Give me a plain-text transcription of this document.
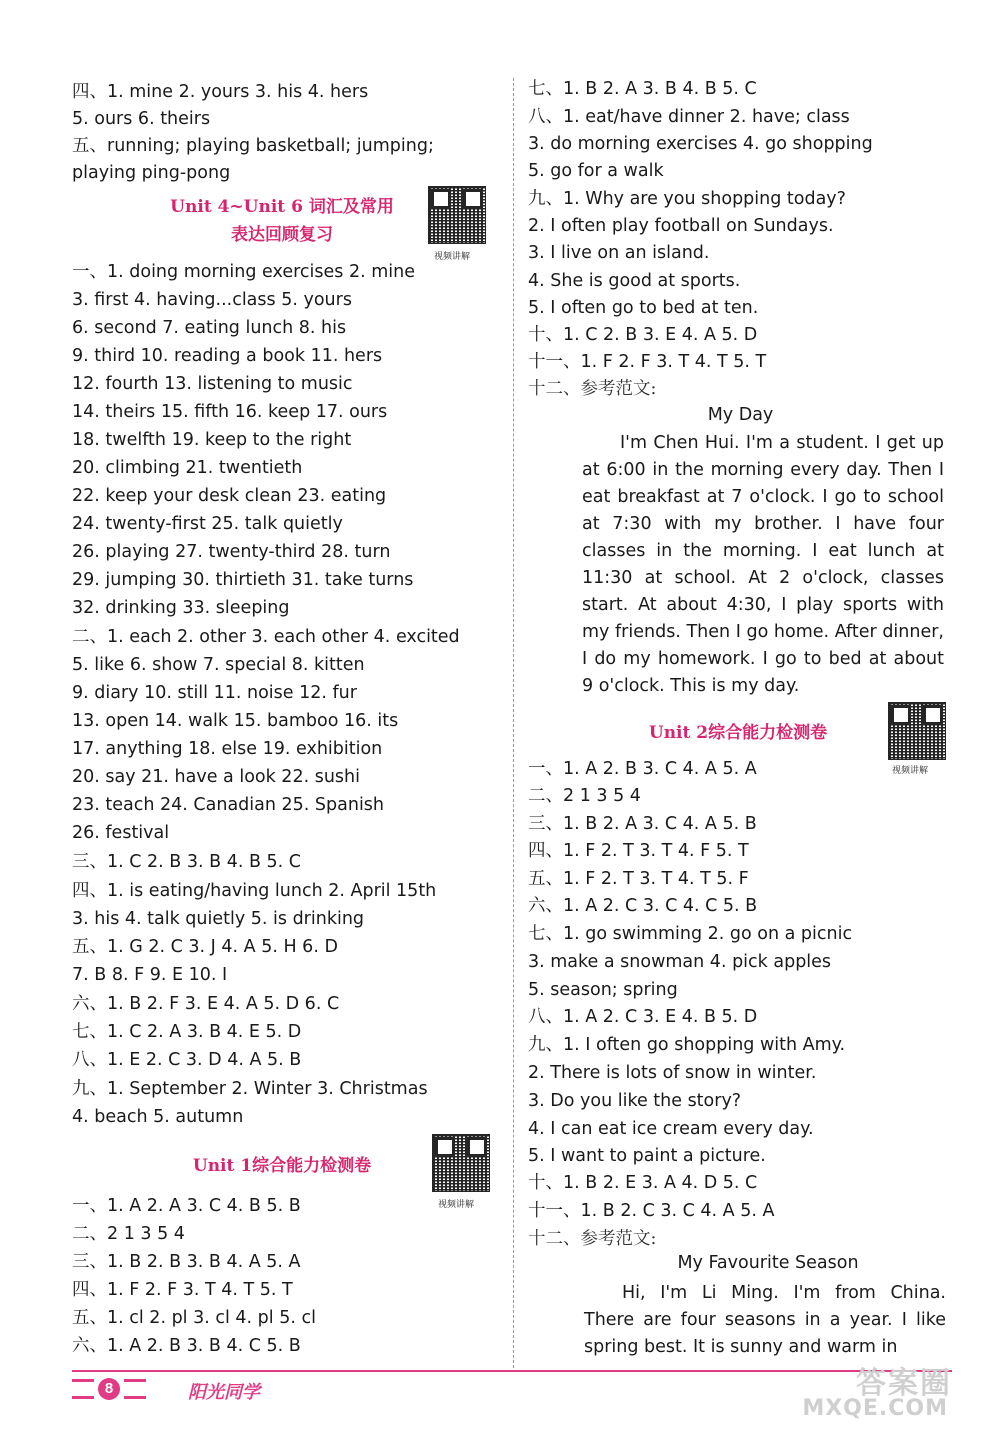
四、1. mine 2. yours 3. his 4. hers
5. ours 6. theirs
五、running; playing basketball; jumping;
playing ping-pong
Unit 4~Unit 6 词汇及常用
表达回顾复习
视频讲解
一、1. doing morning exercises 2. mine
3. first 4. having...class 5. yours
6. second 7. eating lunch 8. his
9. third 10. reading a book 11. hers
12. fourth 13. listening to music
14. theirs 15. fifth 16. keep 17. ours
18. twelfth 19. keep to the right
20. climbing 21. twentieth
22. keep your desk clean 23. eating
24. twenty-first 25. talk quietly
26. playing 27. twenty-third 28. turn
29. jumping 30. thirtieth 31. take turns
32. drinking 33. sleeping
二、1. each 2. other 3. each other 4. excited
5. like 6. show 7. special 8. kitten
9. diary 10. still 11. noise 12. fur
13. open 14. walk 15. bamboo 16. its
17. anything 18. else 19. exhibition
20. say 21. have a look 22. sushi
23. teach 24. Canadian 25. Spanish
26. festival
三、1. C 2. B 3. B 4. B 5. C
四、1. is eating/having lunch 2. April 15th
3. his 4. talk quietly 5. is drinking
五、1. G 2. C 3. J 4. A 5. H 6. D
7. B 8. F 9. E 10. I
六、1. B 2. F 3. E 4. A 5. D 6. C
七、1. C 2. A 3. B 4. E 5. D
八、1. E 2. C 3. D 4. A 5. B
九、1. September 2. Winter 3. Christmas
4. beach 5. autumn
Unit 1综合能力检测卷
视频讲解
一、1. A 2. A 3. C 4. B 5. B
二、2 1 3 5 4
三、1. B 2. B 3. B 4. A 5. A
四、1. F 2. F 3. T 4. T 5. T
五、1. cl 2. pl 3. cl 4. pl 5. cl
六、1. A 2. B 3. B 4. C 5. B
七、1. B 2. A 3. B 4. B 5. C
八、1. eat/have dinner 2. have; class
3. do morning exercises 4. go shopping
5. go for a walk
九、1. Why are you shopping today?
2. I often play football on Sundays.
3. I live on an island.
4. She is good at sports.
5. I often go to bed at ten.
十、1. C 2. B 3. E 4. A 5. D
十一、1. F 2. F 3. T 4. T 5. T
十二、参考范文:
My Day
I'm Chen Hui. I'm a student. I get up at 6:00 in the morning every day. Then I eat breakfast at 7 o'clock. I go to school at 7:30 with my brother. I have four classes in the morning. I eat lunch at 11:30 at school. At 2 o'clock, classes start. At about 4:30, I play sports with my friends. Then I go home. After dinner, I do my homework. I go to bed at about 9 o'clock. This is my day.
Unit 2综合能力检测卷
视频讲解
一、1. A 2. B 3. C 4. A 5. A
二、2 1 3 5 4
三、1. B 2. A 3. C 4. A 5. B
四、1. F 2. T 3. T 4. F 5. T
五、1. F 2. T 3. T 4. T 5. F
六、1. A 2. C 3. C 4. C 5. B
七、1. go swimming 2. go on a picnic
3. make a snowman 4. pick apples
5. season; spring
八、1. A 2. C 3. E 4. B 5. D
九、1. I often go shopping with Amy.
2. There is lots of snow in winter.
3. Do you like the story?
4. I can eat ice cream every day.
5. I want to paint a picture.
十、1. B 2. E 3. A 4. D 5. C
十一、1. B 2. C 3. C 4. A 5. A
十二、参考范文:
My Favourite Season
Hi, I'm Li Ming. I'm from China. There are four seasons in a year. I like spring best. It is sunny and warm in
8	阳光同学	答案圈
MXQE.COM
